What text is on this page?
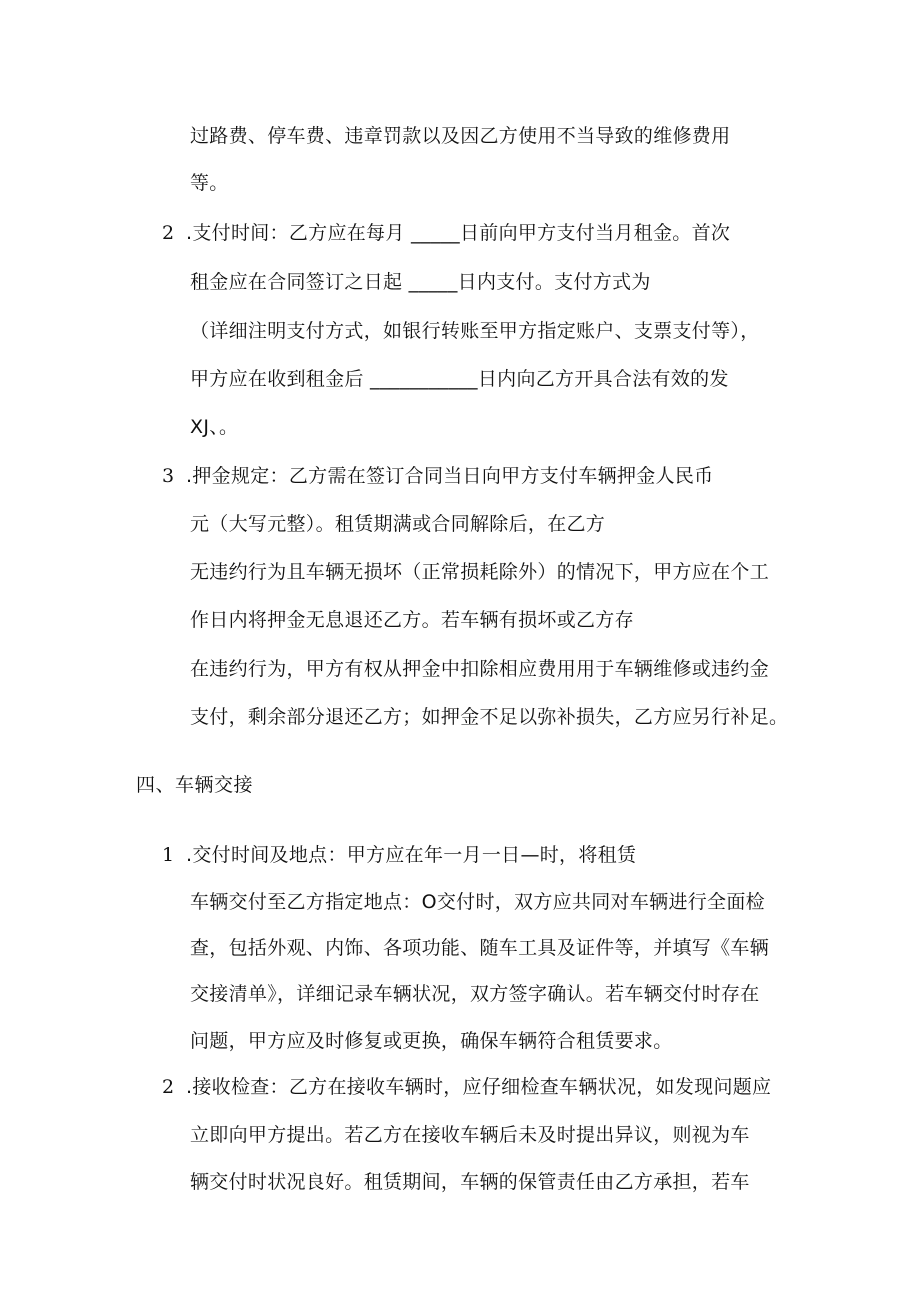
过路费、停车费、违章罚款以及因乙方使用不当导致的维修费用
等。
2 .支付时间：乙方应在每月 _____日前向甲方支付当月租金。首次
租金应在合同签订之日起 _____日内支付。支付方式为
（详细注明支付方式，如银行转账至甲方指定账户、支票支付等），
甲方应在收到租金后 ___________日内向乙方开具合法有效的发
XJ、。
3 .押金规定：乙方需在签订合同当日向甲方支付车辆押金人民币
元（大写元整）。租赁期满或合同解除后，在乙方
无违约行为且车辆无损坏（正常损耗除外）的情况下，甲方应在个工
作日内将押金无息退还乙方。若车辆有损坏或乙方存
在违约行为，甲方有权从押金中扣除相应费用用于车辆维修或违约金
支付，剩余部分退还乙方；如押金不足以弥补损失，乙方应另行补足。
四、车辆交接
1 .交付时间及地点：甲方应在年一月一日—时，将租赁
车辆交付至乙方指定地点：O交付时，双方应共同对车辆进行全面检
查，包括外观、内饰、各项功能、随车工具及证件等，并填写《车辆
交接清单》，详细记录车辆状况，双方签字确认。若车辆交付时存在
问题，甲方应及时修复或更换，确保车辆符合租赁要求。
2 .接收检查：乙方在接收车辆时，应仔细检查车辆状况，如发现问题应
立即向甲方提出。若乙方在接收车辆后未及时提出异议，则视为车
辆交付时状况良好。租赁期间，车辆的保管责任由乙方承担，若车
